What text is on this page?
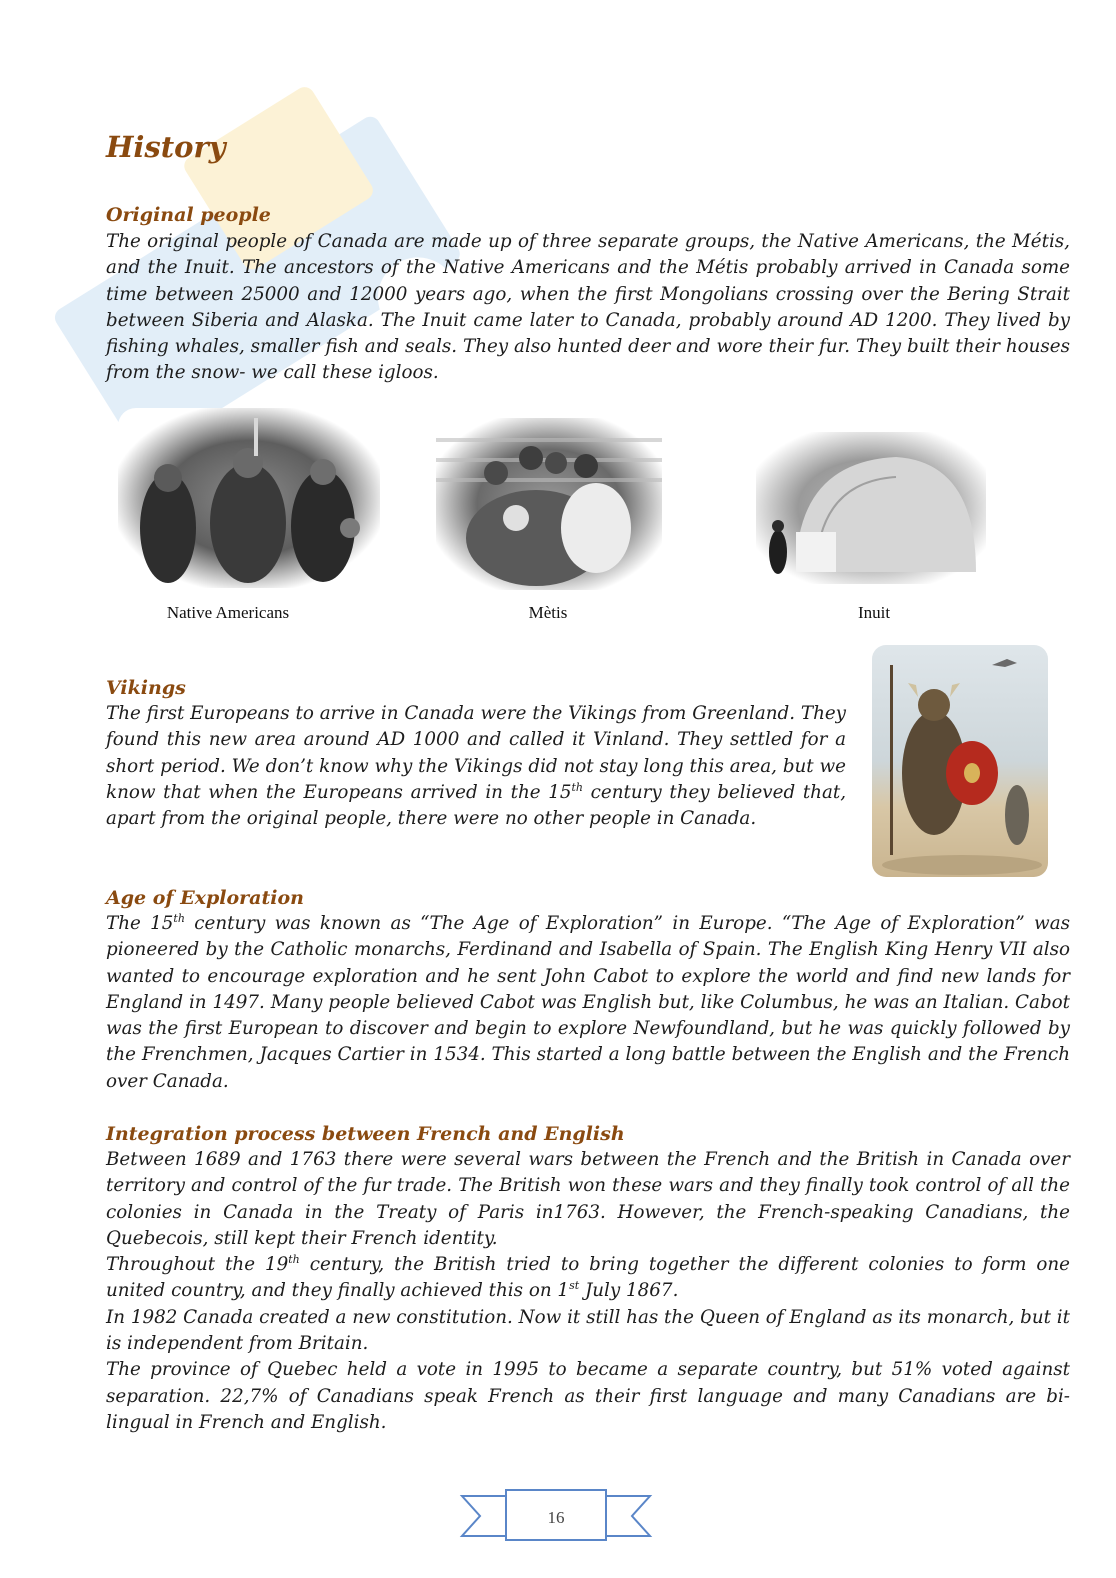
History
Original people

The original people of Canada are made up of three separate groups, the Native Americans, the Métis, and the Inuit. The ancestors of the Native Americans and the Métis probably arrived in Canada some time between 25000 and 12000 years ago, when the first Mongolians crossing over the Bering Strait between Siberia and Alaska. The Inuit came later to Canada, probably around AD 1200. They lived by fishing whales, smaller fish and seals. They also hunted deer and wore their fur. They built their houses from the snow- we call these igloos.

Native Americans	Mètis	Inuit
Vikings

The first Europeans to arrive in Canada were the Vikings from Greenland. They found this new area around AD 1000 and called it Vinland. They settled for a short period. We don’t know why the Vikings did not stay long this area, but we know that when the Europeans arrived in the 15th century they believed that, apart from the original people, there were no other people in Canada.

Age of Exploration

The 15th century was known as “The Age of Exploration” in Europe. “The Age of Exploration” was pioneered by the Catholic monarchs, Ferdinand and Isabella of Spain. The English King Henry VII also wanted to encourage exploration and he sent John Cabot to explore the world and find new lands for England in 1497. Many people believed Cabot was English but, like Columbus, he was an Italian. Cabot was the first European to discover and begin to explore Newfoundland, but he was quickly followed by the Frenchmen, Jacques Cartier in 1534. This started a long battle between the English and the French over Canada.

Integration process between French and English

Between 1689 and 1763 there were several wars between the French and the British in Canada over territory and control of the fur trade. The British won these wars and they finally took control of all the colonies in Canada in the Treaty of Paris in1763. However, the French-speaking Canadians, the Quebecois, still kept their French identity.

Throughout the 19th century, the British tried to bring together the different colonies to form one united country, and they finally achieved this on 1st July 1867.

In 1982 Canada created a new constitution. Now it still has the Queen of England as its monarch, but it is independent from Britain.

The province of Quebec held a vote in 1995 to became a separate country, but 51% voted against separation. 22,7% of Canadians speak French as their first language and many Canadians are bi-lingual in French and English.

16
